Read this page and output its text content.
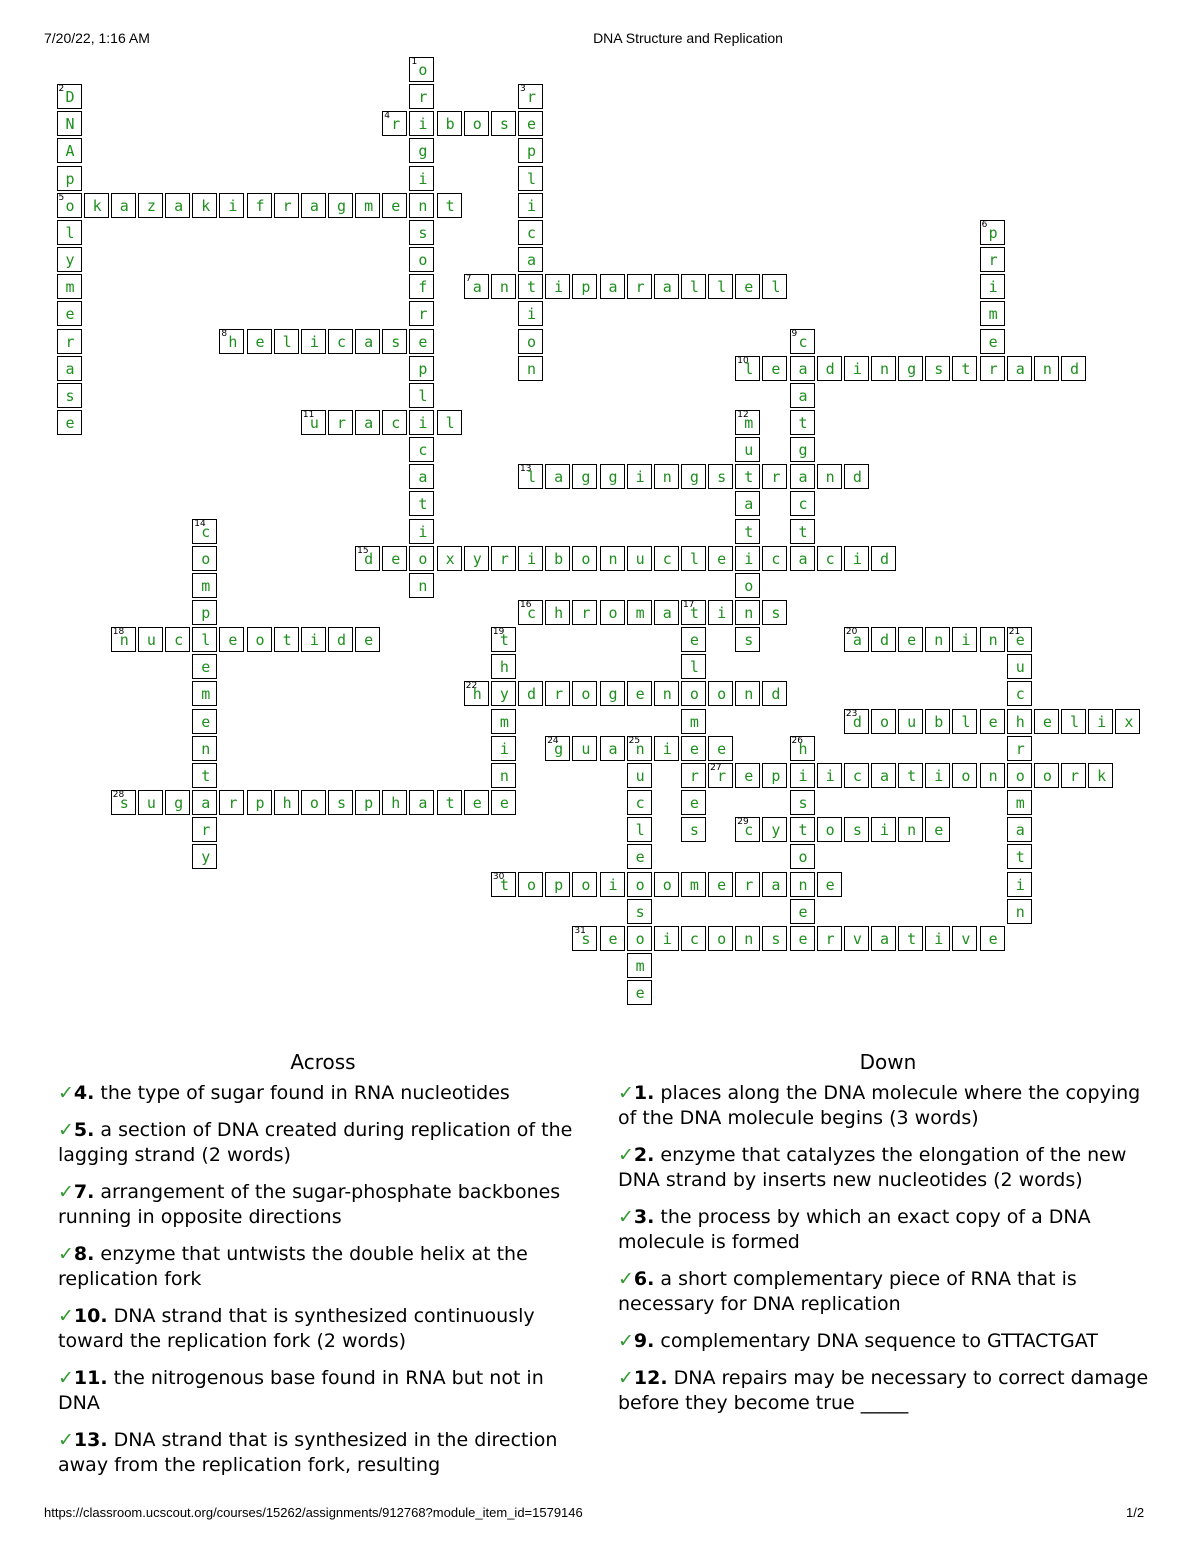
7/20/22, 1:16 AM	DNA Structure and Replication
1 o
r
i
g
i
n
s
o
f
r
e
p
l
i
c
a
t
i
o
n
2 D
N
A
p
5 o
l
y
m
e
r
a
s
e
3 r
e
p
l
i
c
a
t
i
o
n
4 r	b	o	s
k	a	z	a	k	i	f	r	a	g	m	e	t
6 p
r
i
m
e
r
7 a	n	i	p	a	r	a	l	l	e	l
8 h	e	l	i	c	a	s	9 c
a
a
t
g
a
c
t
10
l	e	d	i	n	g	s	t	a	n	d
11
u	r	a	c	l	12
m
u
t
a
t
i
o
n
s
13
l	a	g	g	i	n	g	s	r	n	d
14
c
o
m
p
l
e
m
e
n
t
a
r
y
15
d	e	x	y	r	i	b	o	n	u	c	l	e	c	a	c	i	d
16
c	h	r	o	m	a	17
t	i	s
e
l
o
m
e
r
e
s
18
n	u	c	e	o	t	i	d	e	19
t
h
y
m
i
n
e
20
a	d	e	n	i	n	21
e
u
c
h
r
o
m
a
t
i
n
22
h	d	r	o	g	e	n	o	n	d
23
d	o	u	b	l	e	e	l	i	x
24
g	u	a	25
n	i	e
u
c
l
e
o
s
o
m
e
26
h
i
s
t
o
n
e
27
r	e	p	i	c	a	t	i	o	n	o	r	k
28
s	u	g	r	p	h	o	s	p	h	a	t	e
29
c	y	o	s	i	n	e
30
t	o	p	o	i	o	m	e	r	a	e
31
s	e	i	c	o	n	s	e	r	v	a	t	i	v	e
Across
✓4. the type of sugar found in RNA nucleotides
✓5. a section of DNA created during replication of the lagging strand (2 words)
✓7. arrangement of the sugar-phosphate backbones running in opposite directions
✓8. enzyme that untwists the double helix at the replication fork
✓10. DNA strand that is synthesized continuously toward the replication fork (2 words)
✓11. the nitrogenous base found in RNA but not in DNA
✓13. DNA strand that is synthesized in the direction away from the replication fork, resulting
Down
✓1. places along the DNA molecule where the copying of the DNA molecule begins (3 words)
✓2. enzyme that catalyzes the elongation of the new DNA strand by inserts new nucleotides (2 words)
✓3. the process by which an exact copy of a DNA molecule is formed
✓6. a short complementary piece of RNA that is necessary for DNA replication
✓9. complementary DNA sequence to GTTACTGAT
✓12. DNA repairs may be necessary to correct damage before they become true _____
https://classroom.ucscout.org/courses/15262/assignments/912768?module_item_id=1579146	1/2
